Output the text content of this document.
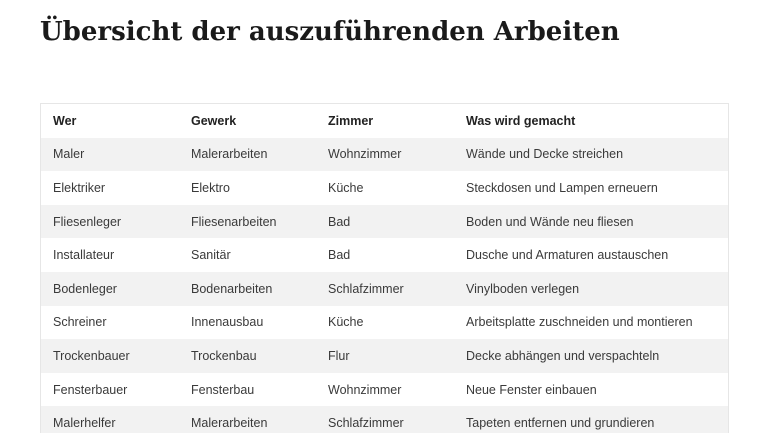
Übersicht der auszuführenden Arbeiten
Wer	Gewerk	Zimmer	Was wird gemacht
Maler	Malerarbeiten	Wohnzimmer	Wände und Decke streichen
Elektriker	Elektro	Küche	Steckdosen und Lampen erneuern
Fliesenleger	Fliesenarbeiten	Bad	Boden und Wände neu fliesen
Installateur	Sanitär	Bad	Dusche und Armaturen austauschen
Bodenleger	Bodenarbeiten	Schlafzimmer	Vinylboden verlegen
Schreiner	Innenausbau	Küche	Arbeitsplatte zuschneiden und montieren
Trockenbauer	Trockenbau	Flur	Decke abhängen und verspachteln
Fensterbauer	Fensterbau	Wohnzimmer	Neue Fenster einbauen
Malerhelfer	Malerarbeiten	Schlafzimmer	Tapeten entfernen und grundieren
